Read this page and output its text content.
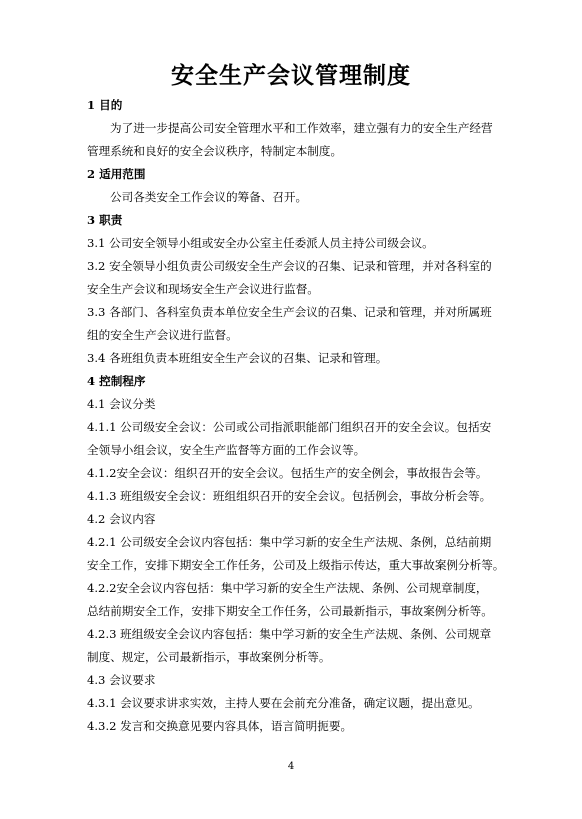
安全生产会议管理制度
1 目的
为了进一步提高公司安全管理水平和工作效率，建立强有力的安全生产经营
管理系统和良好的安全会议秩序，特制定本制度。
2 适用范围
公司各类安全工作会议的筹备、召开。
3 职责
3.1 公司安全领导小组或安全办公室主任委派人员主持公司级会议。
3.2 安全领导小组负责公司级安全生产会议的召集、记录和管理，并对各科室的
安全生产会议和现场安全生产会议进行监督。
3.3 各部门、各科室负责本单位安全生产会议的召集、记录和管理，并对所属班
组的安全生产会议进行监督。
3.4 各班组负责本班组安全生产会议的召集、记录和管理。
4 控制程序
4.1 会议分类
4.1.1 公司级安全会议：公司或公司指派职能部门组织召开的安全会议。包括安
全领导小组会议，安全生产监督等方面的工作会议等。
4.1.2安全会议：组织召开的安全会议。包括生产的安全例会，事故报告会等。
4.1.3 班组级安全会议：班组组织召开的安全会议。包括例会，事故分析会等。
4.2 会议内容
4.2.1 公司级安全会议内容包括：集中学习新的安全生产法规、条例，总结前期
安全工作，安排下期安全工作任务，公司及上级指示传达，重大事故案例分析等。
4.2.2安全会议内容包括：集中学习新的安全生产法规、条例、公司规章制度，
总结前期安全工作，安排下期安全工作任务，公司最新指示，事故案例分析等。
4.2.3 班组级安全会议内容包括：集中学习新的安全生产法规、条例、公司规章
制度、规定，公司最新指示，事故案例分析等。
4.3 会议要求
4.3.1 会议要求讲求实效，主持人要在会前充分准备，确定议题，提出意见。
4.3.2 发言和交换意见要内容具体，语言简明扼要。
4
